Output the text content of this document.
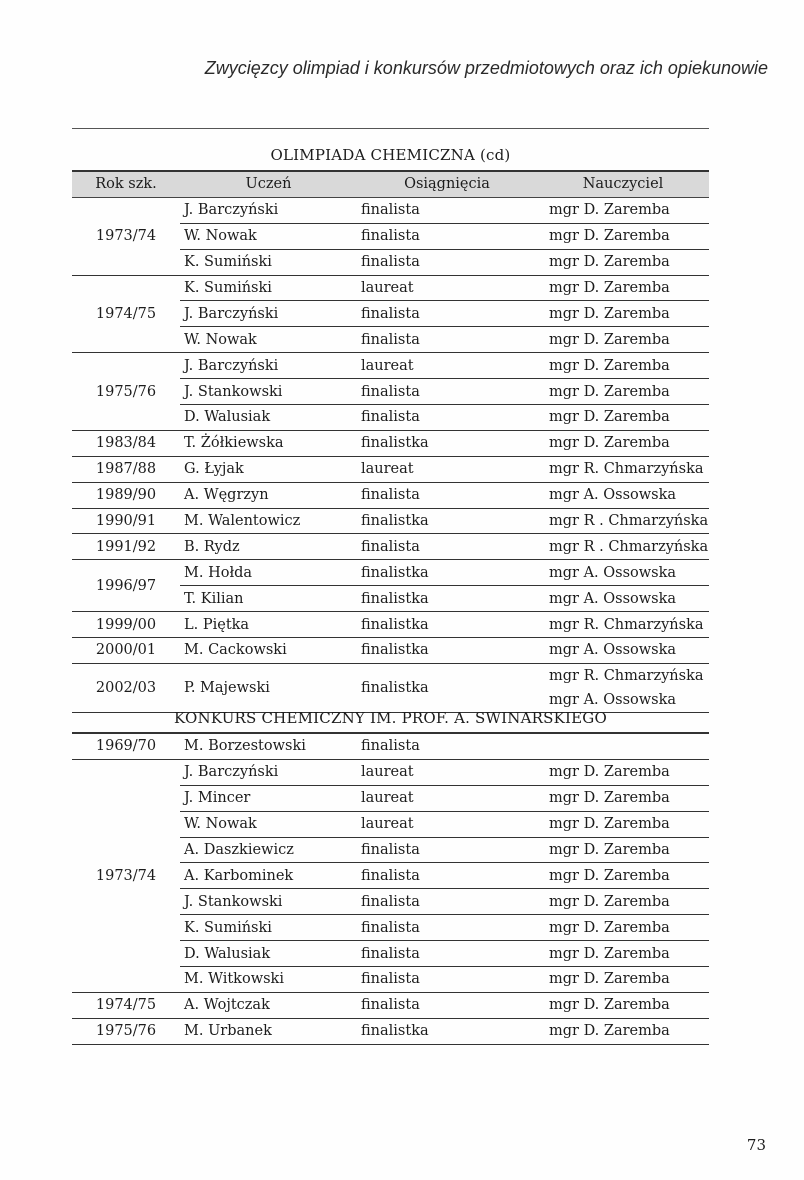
Zwycięzcy olimpiad i konkursów przedmiotowych oraz ich opiekunowie
OLIMPIADA CHEMICZNA (cd)
Rok szk.	Uczeń	Osiągnięcia	Nauczyciel
1973/74	J. Barczyński	finalista	mgr D. Zaremba
	W. Nowak	finalista	mgr D. Zaremba
	K. Sumiński	finalista	mgr D. Zaremba
1974/75	K. Sumiński	laureat	mgr D. Zaremba
	J. Barczyński	finalista	mgr D. Zaremba
	W. Nowak	finalista	mgr D. Zaremba
1975/76	J. Barczyński	laureat	mgr D. Zaremba
	J. Stankowski	finalista	mgr D. Zaremba
	D. Walusiak	finalista	mgr D. Zaremba
1983/84	T. Żółkiewska	finalistka	mgr D. Zaremba
1987/88	G. Łyjak	laureat	mgr R. Chmarzyńska
1989/90	A. Węgrzyn	finalista	mgr A. Ossowska
1990/91	M. Walentowicz	finalistka	mgr R . Chmarzyńska
1991/92	B. Rydz	finalista	mgr R . Chmarzyńska
1996/97	M. Hołda	finalistka	mgr A. Ossowska
	T. Kilian	finalistka	mgr A. Ossowska
1999/00	L. Piętka	finalistka	mgr R. Chmarzyńska
2000/01	M. Cackowski	finalistka	mgr A. Ossowska
2002/03	P. Majewski	finalistka	mgr R. Chmarzyńska
mgr A. Ossowska
KONKURS CHEMICZNY IM. PROF. A. SWINARSKIEGO
1969/70	M. Borzestowski	finalista	
1973/74	J. Barczyński	laureat	mgr D. Zaremba
	J. Mincer	laureat	mgr D. Zaremba
	W. Nowak	laureat	mgr D. Zaremba
	A. Daszkiewicz	finalista	mgr D. Zaremba
	A. Karbominek	finalista	mgr D. Zaremba
	J. Stankowski	finalista	mgr D. Zaremba
	K. Sumiński	finalista	mgr D. Zaremba
	D. Walusiak	finalista	mgr D. Zaremba
	M. Witkowski	finalista	mgr D. Zaremba
1974/75	A. Wojtczak	finalista	mgr D. Zaremba
1975/76	M. Urbanek	finalistka	mgr D. Zaremba
73
